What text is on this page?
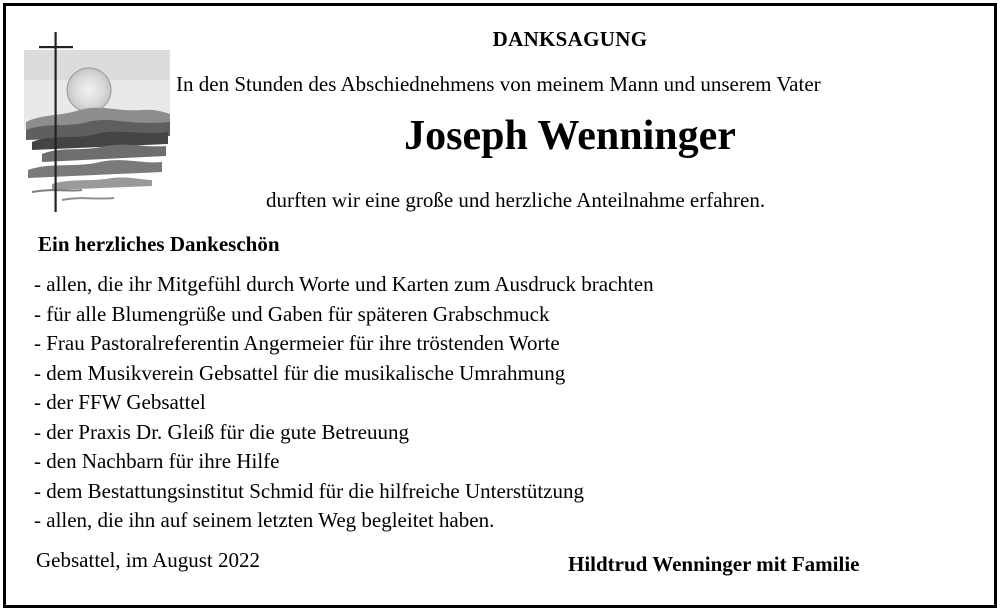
DANKSAGUNG
In den Stunden des Abschiednehmens von meinem Mann und unserem Vater
Joseph Wenninger
durften wir eine große und herzliche Anteilnahme erfahren.
Ein herzliches Dankeschön
- allen, die ihr Mitgefühl durch Worte und Karten zum Ausdruck brachten
- für alle Blumengrüße und Gaben für späteren Grabschmuck
- Frau Pastoralreferentin Angermeier für ihre tröstenden Worte
- dem Musikverein Gebsattel für die musikalische Umrahmung
- der FFW Gebsattel
- der Praxis Dr. Gleiß für die gute Betreuung
- den Nachbarn für ihre Hilfe
- dem Bestattungsinstitut Schmid für die hilfreiche Unterstützung
- allen, die ihn auf seinem letzten Weg begleitet haben.
Gebsattel, im August 2022	Hildtrud Wenninger mit Familie
